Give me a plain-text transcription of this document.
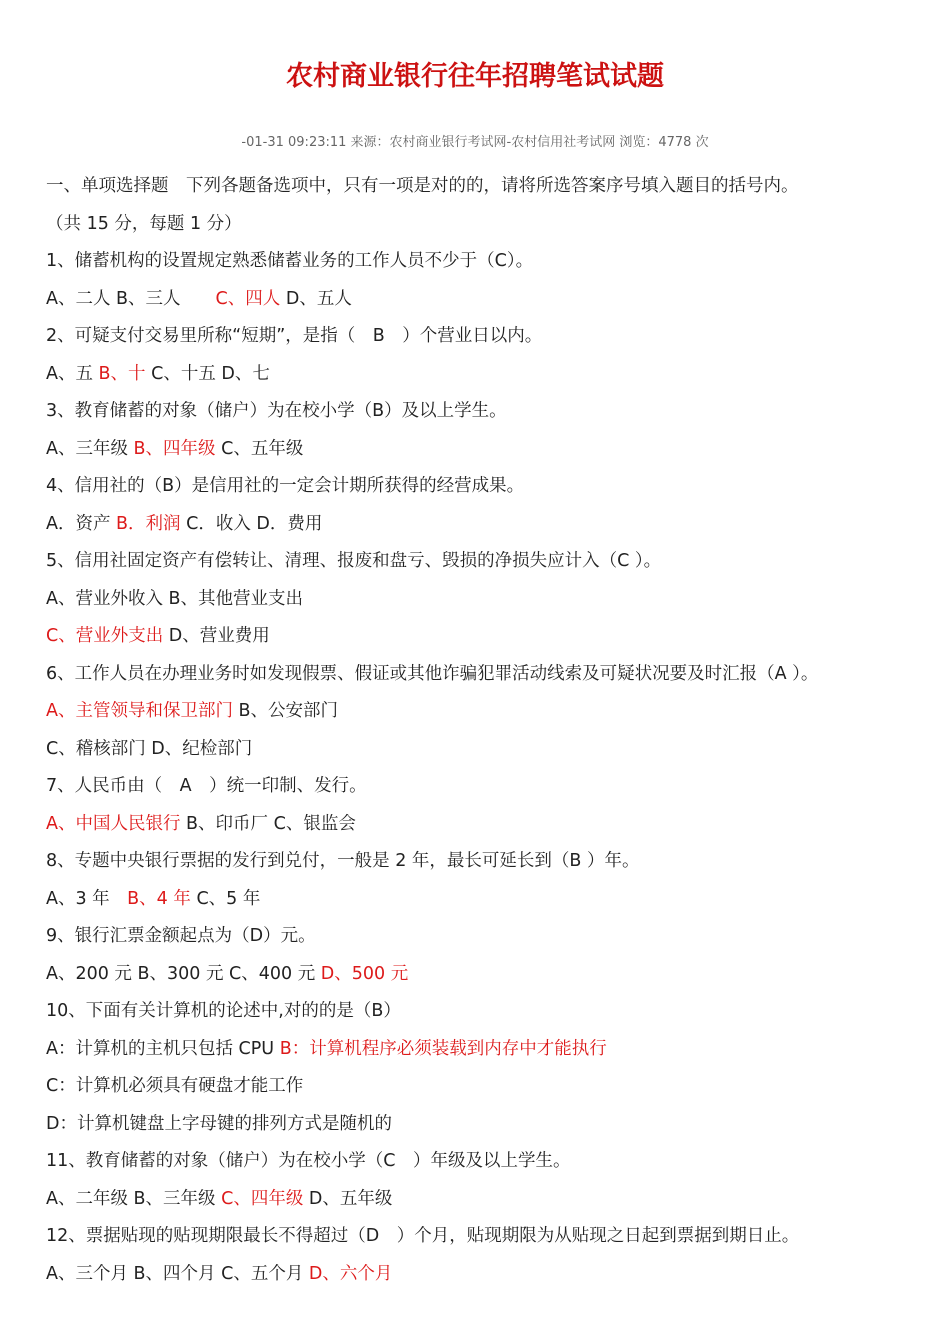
农村商业银行往年招聘笔试试题
-01-31 09:23:11 来源：农村商业银行考试网-农村信用社考试网 浏览：4778 次
一、单项选择题　下列各题备选项中，只有一项是对的的，请将所选答案序号填入题目的括号内。
（共 15 分，每题 1 分）
1、储蓄机构的设置规定熟悉储蓄业务的工作人员不少于（C）。
A、二人 B、三人　　C、四人 D、五人
2、可疑支付交易里所称“短期”，是指（　B　）个营业日以内。
A、五 B、十 C、十五 D、七
3、教育储蓄的对象（储户）为在校小学（B）及以上学生。
A、三年级 B、四年级 C、五年级
4、信用社的（B）是信用社的一定会计期所获得的经营成果。
A．资产 B．利润 C．收入 D．费用
5、信用社固定资产有偿转让、清理、报废和盘亏、毁损的净损失应计入（C ）。
A、营业外收入 B、其他营业支出
C、营业外支出 D、营业费用
6、工作人员在办理业务时如发现假票、假证或其他诈骗犯罪活动线索及可疑状况要及时汇报（A ）。
A、主管领导和保卫部门 B、公安部门
C、稽核部门 D、纪检部门
7、人民币由（　A　）统一印制、发行。
A、中国人民银行 B、印币厂 C、银监会
8、专题中央银行票据的发行到兑付，一般是 2 年，最长可延长到（B ）年。
A、3 年　B、4 年 C、5 年
9、银行汇票金额起点为（D）元。
A、200 元 B、300 元 C、400 元 D、500 元
10、下面有关计算机的论述中,对的的是（B）
A：计算机的主机只包括 CPU B：计算机程序必须装载到内存中才能执行
C：计算机必须具有硬盘才能工作
D：计算机键盘上字母键的排列方式是随机的
11、教育储蓄的对象（储户）为在校小学（C　）年级及以上学生。
A、二年级 B、三年级 C、四年级 D、五年级
12、票据贴现的贴现期限最长不得超过（D　）个月，贴现期限为从贴现之日起到票据到期日止。
A、三个月 B、四个月 C、五个月 D、六个月
